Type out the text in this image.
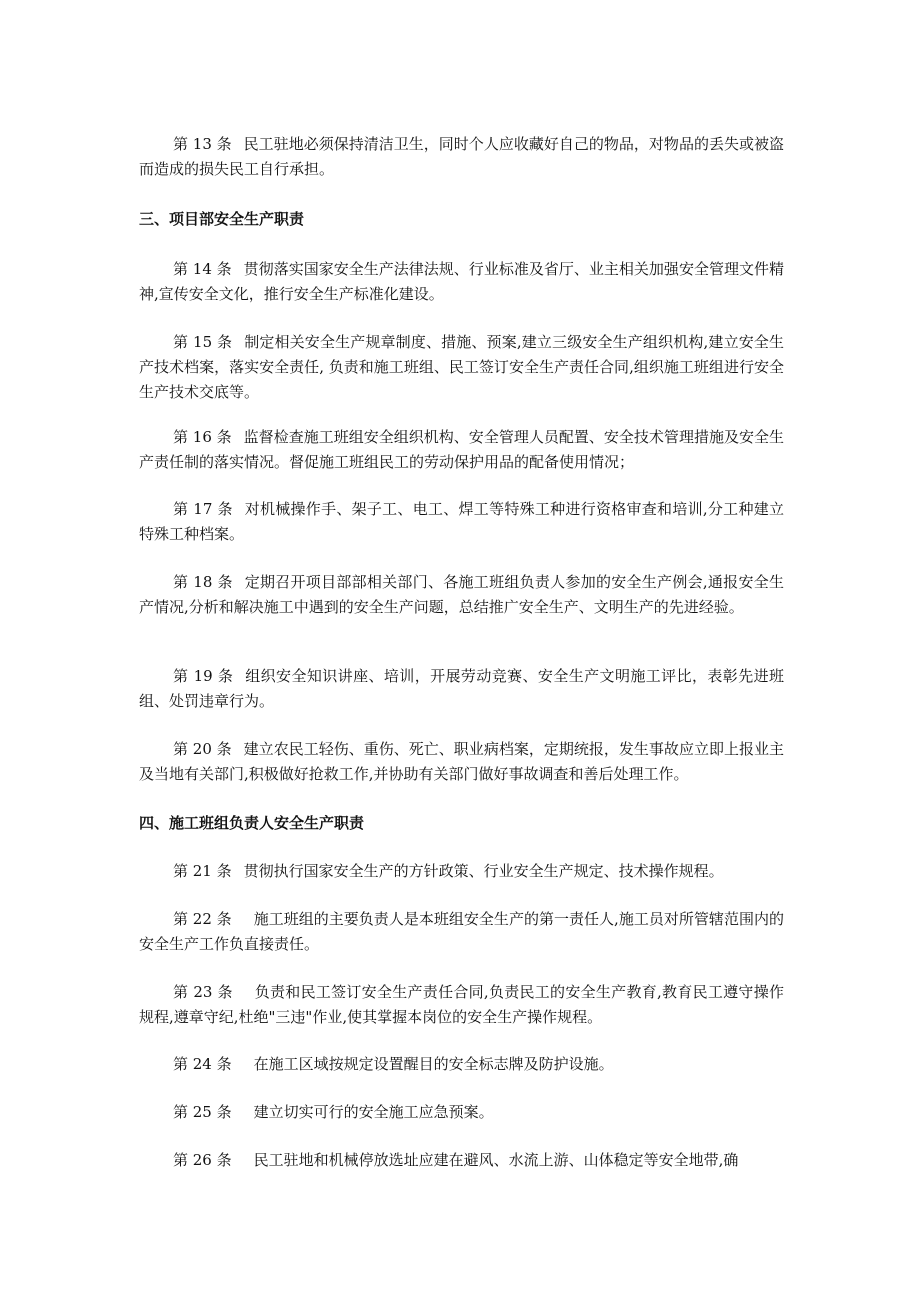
第 13 条 民工驻地必须保持清洁卫生，同时个人应收藏好自己的物品，对物品的丢失或被盗而造成的损失民工自行承担。

三、项目部安全生产职责

第 14 条 贯彻落实国家安全生产法律法规、行业标准及省厅、业主相关加强安全管理文件精神,宣传安全文化，推行安全生产标准化建设。

第 15 条 制定相关安全生产规章制度、措施、预案,建立三级安全生产组织机构,建立安全生产技术档案，落实安全责任, 负责和施工班组、民工签订安全生产责任合同,组织施工班组进行安全生产技术交底等。

第 16 条 监督检查施工班组安全组织机构、安全管理人员配置、安全技术管理措施及安全生产责任制的落实情况。督促施工班组民工的劳动保护用品的配备使用情况；

第 17 条 对机械操作手、架子工、电工、焊工等特殊工种进行资格审查和培训,分工种建立特殊工种档案。

第 18 条 定期召开项目部部相关部门、各施工班组负责人参加的安全生产例会,通报安全生产情况,分析和解决施工中遇到的安全生产问题，总结推广安全生产、文明生产的先进经验。

第 19 条 组织安全知识讲座、培训，开展劳动竞赛、安全生产文明施工评比，表彰先进班组、处罚违章行为。

第 20 条 建立农民工轻伤、重伤、死亡、职业病档案，定期统报，发生事故应立即上报业主及当地有关部门,积极做好抢救工作,并协助有关部门做好事故调查和善后处理工作。

四、施工班组负责人安全生产职责

第 21 条 贯彻执行国家安全生产的方针政策、行业安全生产规定、技术操作规程。

第 22 条 施工班组的主要负责人是本班组安全生产的第一责任人,施工员对所管辖范围内的安全生产工作负直接责任。

第 23 条 负责和民工签订安全生产责任合同,负责民工的安全生产教育,教育民工遵守操作规程,遵章守纪,杜绝"三违"作业,使其掌握本岗位的安全生产操作规程。

第 24 条 在施工区域按规定设置醒目的安全标志牌及防护设施。

第 25 条 建立切实可行的安全施工应急预案。

第 26 条 民工驻地和机械停放选址应建在避风、水流上游、山体稳定等安全地带,确
